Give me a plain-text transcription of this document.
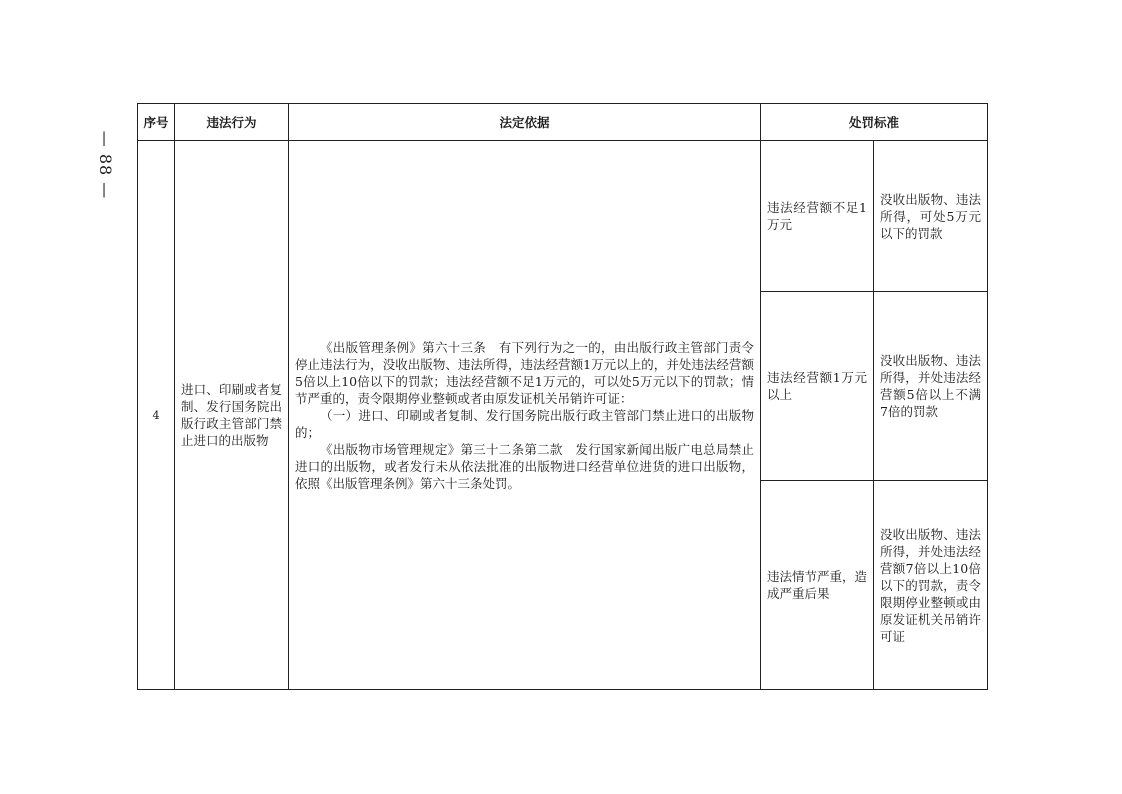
— 88 —
序号	违法行为	法定依据	处罚标准	
4	进口、印刷或者复制、发行国务院出版行政主管部门禁止进口的出版物	《出版管理条例》第六十三条　有下列行为之一的，由出版行政主管部门责令停止违法行为，没收出版物、违法所得，违法经营额1万元以上的，并处违法经营额5倍以上10倍以下的罚款；违法经营额不足1万元的，可以处5万元以下的罚款；情节严重的，责令限期停业整顿或者由原发证机关吊销许可证：

（一）进口、印刷或者复制、发行国务院出版行政主管部门禁止进口的出版物的；

《出版物市场管理规定》第三十二条第二款　发行国家新闻出版广电总局禁止进口的出版物，或者发行未从依法批准的出版物进口经营单位进货的进口出版物，依照《出版管理条例》第六十三条处罚。	违法经营额不足1万元	没收出版物、违法所得，可处5万元以下的罚款
			违法经营额1万元以上	没收出版物、违法所得，并处违法经营额5倍以上不满7倍的罚款
			违法情节严重，造成严重后果	没收出版物、违法所得，并处违法经营额7倍以上10倍以下的罚款，责令限期停业整顿或由原发证机关吊销许可证
